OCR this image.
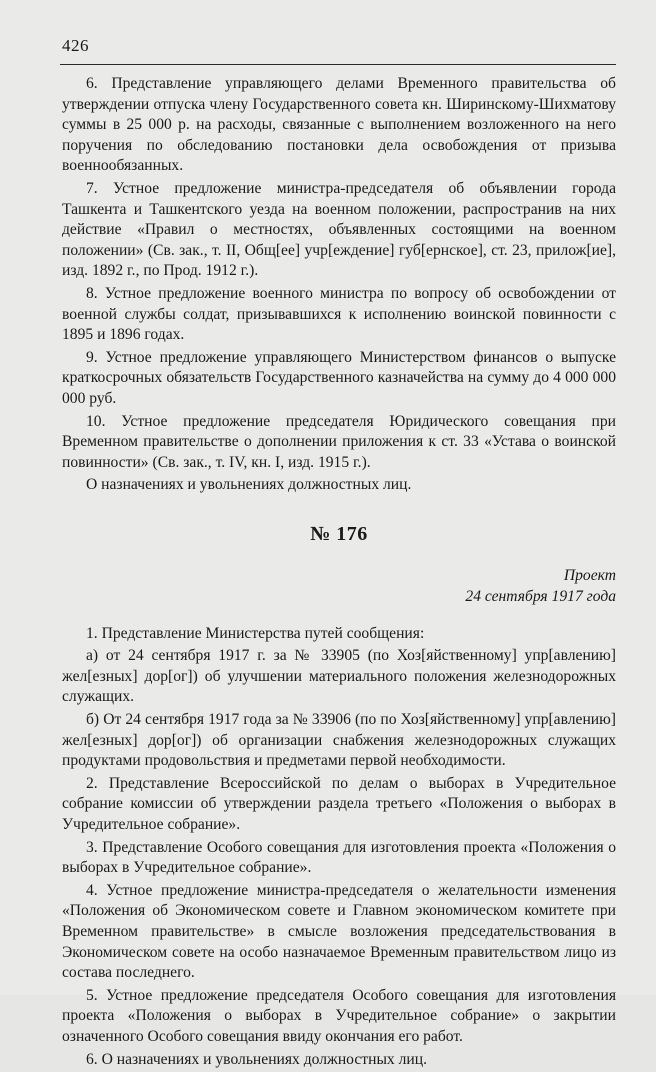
426

6. Представление управляющего делами Временного правительства об утверждении отпуска члену Государственного совета кн. Ширинскому-Шихматову суммы в 25 000 р. на расходы, связанные с выполнением возложенного на него поручения по обследованию постановки дела освобождения от призыва военнообязанных.

7. Устное предложение министра-председателя об объявлении города Ташкента и Ташкентского уезда на военном положении, распространив на них действие «Правил о местностях, объявленных состоящими на военном положении» (Св. зак., т. II, Общ[ее] учр[еждение] губ[ернское], ст. 23, прилож[ие], изд. 1892 г., по Прод. 1912 г.).

8. Устное предложение военного министра по вопросу об освобождении от военной службы солдат, призывавшихся к исполнению воинской повинности с 1895 и 1896 годах.

9. Устное предложение управляющего Министерством финансов о выпуске краткосрочных обязательств Государственного казначейства на сумму до 4 000 000 000 руб.

10. Устное предложение председателя Юридического совещания при Временном правительстве о дополнении приложения к ст. 33 «Устава о воинской повинности» (Св. зак., т. IV, кн. I, изд. 1915 г.).

О назначениях и увольнениях должностных лиц.

№ 176

Проект

24 сентября 1917 года

1. Представление Министерства путей сообщения:

а) от 24 сентября 1917 г. за № 33905 (по Хоз[яйственному] упр[авлению] жел[езных] дор[ог]) об улучшении материального положения железнодорожных служащих.

б) От 24 сентября 1917 года за № 33906 (по по Хоз[яйственному] упр[авлению] жел[езных] дор[ог]) об организации снабжения железнодорожных служащих продуктами продовольствия и предметами первой необходимости.

2. Представление Всероссийской по делам о выборах в Учредительное собрание комиссии об утверждении раздела третьего «Положения о выборах в Учредительное собрание».

3. Представление Особого совещания для изготовления проекта «Положения о выборах в Учредительное собрание».

4. Устное предложение министра-председателя о желательности изменения «Положения об Экономическом совете и Главном экономическом комитете при Временном правительстве» в смысле возложения председательствования в Экономическом совете на особо назначаемое Временным правительством лицо из состава последнего.

5. Устное предложение председателя Особого совещания для изготовления проекта «Положения о выборах в Учредительное собрание» о закрытии означенного Особого совещания ввиду окончания его работ.

6. О назначениях и увольнениях должностных лиц.
